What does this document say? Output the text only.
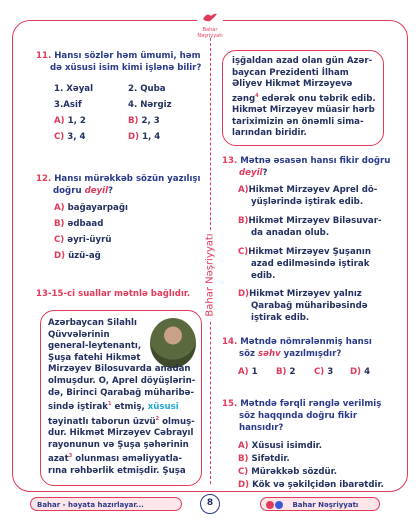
Bahar
Nəşriyyatı
Bahar Nəşriyyatı
11. Hansı sözlər həm ümumi, həm
də xüsusi isim kimi işlənə bilir?
1. Xəyal	2. Quba
3.Asif	4. Nərgiz
A) 1, 2	B) 2, 3
C) 3, 4	D) 1, 4
12. Hansı mürəkkəb sözün yazılışı
doğru deyil?
A) bağayarpağı
B) ədbaad
C) əyri-üyrü
D) üzü-ağ
13-15-ci suallar mətnlə bağlıdır.
Azərbaycan Silahlı
Qüvvələrinin
general-leytenantı,
Şuşa fatehi Hikmət
Mirzəyev Bilosuvarda anadan
olmuşdur. O, Aprel döyüşlərin-
də, Birinci Qarabağ müharibə-
sində iştirak$^1$ etmiş, xüsusi
təyinatlı taborun üzvü$^2$ olmuş-
dur. Hikmət Mirzəyev Cəbrayıl
rayonunun və Şuşa şəhərinin
azat$^3$ olunması əməliyyatla-
rına rəhbərlik etmişdir. Şuşa
işğaldan azad olan gün Azər-
baycan Prezidenti İlham
Əliyev Hikmət Mirzəyevə
zəng$^4$ edərək onu təbrik edib.
Hikmət Mirzəyev müasir hərb
tariximizin ən önəmli sima-
larından biridir.
13. Mətnə əsasən hansı fikir doğru
deyil?
A)Hikmət Mirzəyev Aprel dö-
yüşlərində iştirak edib.
B)Hikmət Mirzəyev Biləsuvar-
da anadan olub.
C)Hikmət Mirzəyev Şuşanın
azad edilməsində iştirak
edib.
D)Hikmət Mirzəyev yalnız
Qarabağ müharibəsində
iştirak edib.
14. Mətndə nömrələnmiş hansı
söz səhv yazılmışdır?
A) 1 B) 2 C) 3 D) 4
15. Mətndə fərqli rənglə verilmiş
söz haqqında doğru fikir
hansıdır?
A) Xüsusi isimdir.
B) Sifətdir.
C) Mürəkkəb sözdür.
D) Kök və şəkilçidən ibarətdir.
Bahar - həyata hazırlayar...	8	Bahar Nəşriyyatı
